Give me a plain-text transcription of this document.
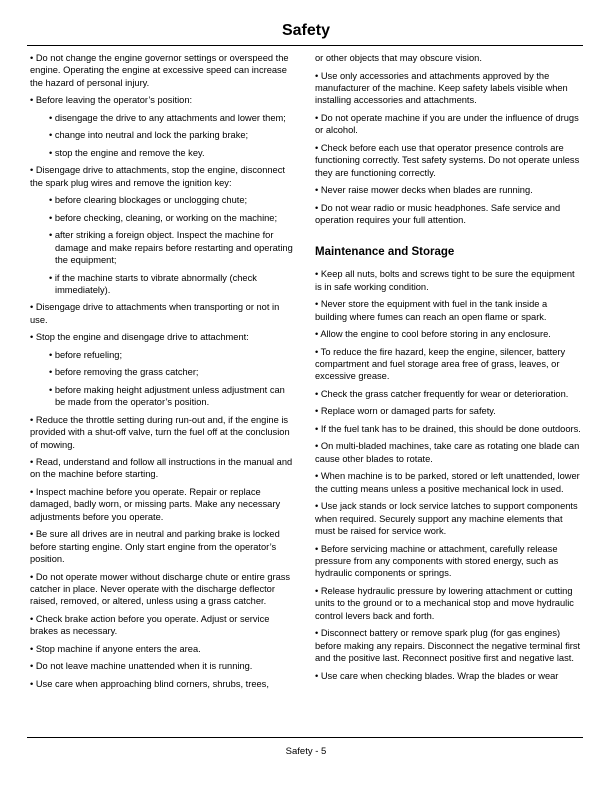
Safety

• Do not change the engine governor settings or overspeed the engine. Operating the engine at excessive speed can increase the hazard of personal injury.

• Before leaving the operator’s position:

• disengage the drive to any attachments and lower them;

• change into neutral and lock the parking brake;

• stop the engine and remove the key.

• Disengage drive to attachments, stop the engine, disconnect the spark plug wires and remove the ignition key:

• before clearing blockages or unclogging chute;

• before checking, cleaning, or working on the machine;

• after striking a foreign object. Inspect the machine for damage and make repairs before restarting and operating the equipment;

• if the machine starts to vibrate abnormally (check immediately).

• Disengage drive to attachments when transporting or not in use.

• Stop the engine and disengage drive to attachment:

• before refueling;

• before removing the grass catcher;

• before making height adjustment unless adjustment can be made from the operator’s position.

• Reduce the throttle setting during run-out and, if the engine is provided with a shut-off valve, turn the fuel off at the conclusion of mowing.

• Read, understand and follow all instructions in the manual and on the machine before starting.

• Inspect machine before you operate. Repair or replace damaged, badly worn, or missing parts. Make any necessary adjustments before you operate.

• Be sure all drives are in neutral and parking brake is locked before starting engine. Only start engine from the operator’s position.

• Do not operate mower without discharge chute or entire grass catcher in place. Never operate with the discharge deflector raised, removed, or altered, unless using a grass catcher.

• Check brake action before you operate. Adjust or service brakes as necessary.

• Stop machine if anyone enters the area.

• Do not leave machine unattended when it is running.

• Use care when approaching blind corners, shrubs, trees,

or other objects that may obscure vision.

• Use only accessories and attachments approved by the manufacturer of the machine. Keep safety labels visible when installing accessories and attachments.

• Do not operate machine if you are under the influence of drugs or alcohol.

• Check before each use that operator presence controls are functioning correctly. Test safety systems. Do not operate unless they are functioning correctly.

• Never raise mower decks when blades are running.

• Do not wear radio or music headphones. Safe service and operation requires your full attention.

Maintenance and Storage

• Keep all nuts, bolts and screws tight to be sure the equipment is in safe working condition.

• Never store the equipment with fuel in the tank inside a building where fumes can reach an open flame or spark.

• Allow the engine to cool before storing in any enclosure.

• To reduce the fire hazard, keep the engine, silencer, battery compartment and fuel storage area free of grass, leaves, or excessive grease.

• Check the grass catcher frequently for wear or deterioration.

• Replace worn or damaged parts for safety.

• If the fuel tank has to be drained, this should be done outdoors.

• On multi-bladed machines, take care as rotating one blade can cause other blades to rotate.

• When machine is to be parked, stored or left unattended, lower the cutting means unless a positive mechanical lock in used.

• Use jack stands or lock service latches to support components when required. Securely support any machine elements that must be raised for service work.

• Before servicing machine or attachment, carefully release pressure from any components with stored energy, such as hydraulic components or springs.

• Release hydraulic pressure by lowering attachment or cutting units to the ground or to a mechanical stop and move hydraulic control levers back and forth.

• Disconnect battery or remove spark plug (for gas engines) before making any repairs. Disconnect the negative terminal first and the positive last. Reconnect positive first and negative last.

• Use care when checking blades. Wrap the blades or wear

Safety - 5
